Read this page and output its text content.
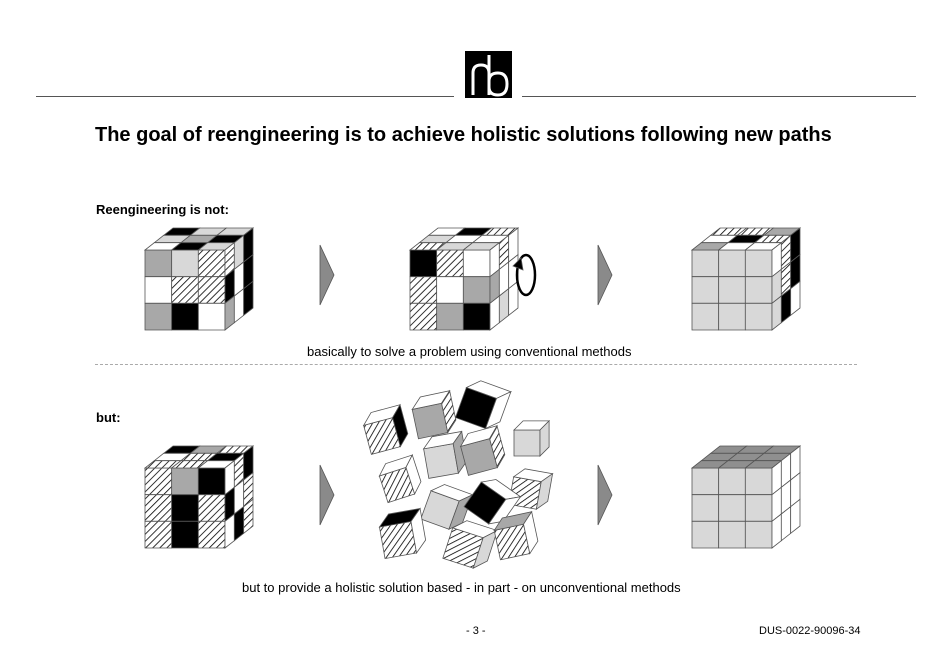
The goal of reengineering is to achieve holistic solutions following new paths
Reengineering is not:
but:
basically to solve a problem using conventional methods
but to provide a holistic solution based - in part - on unconventional methods
- 3 -	DUS-0022-90096-34
